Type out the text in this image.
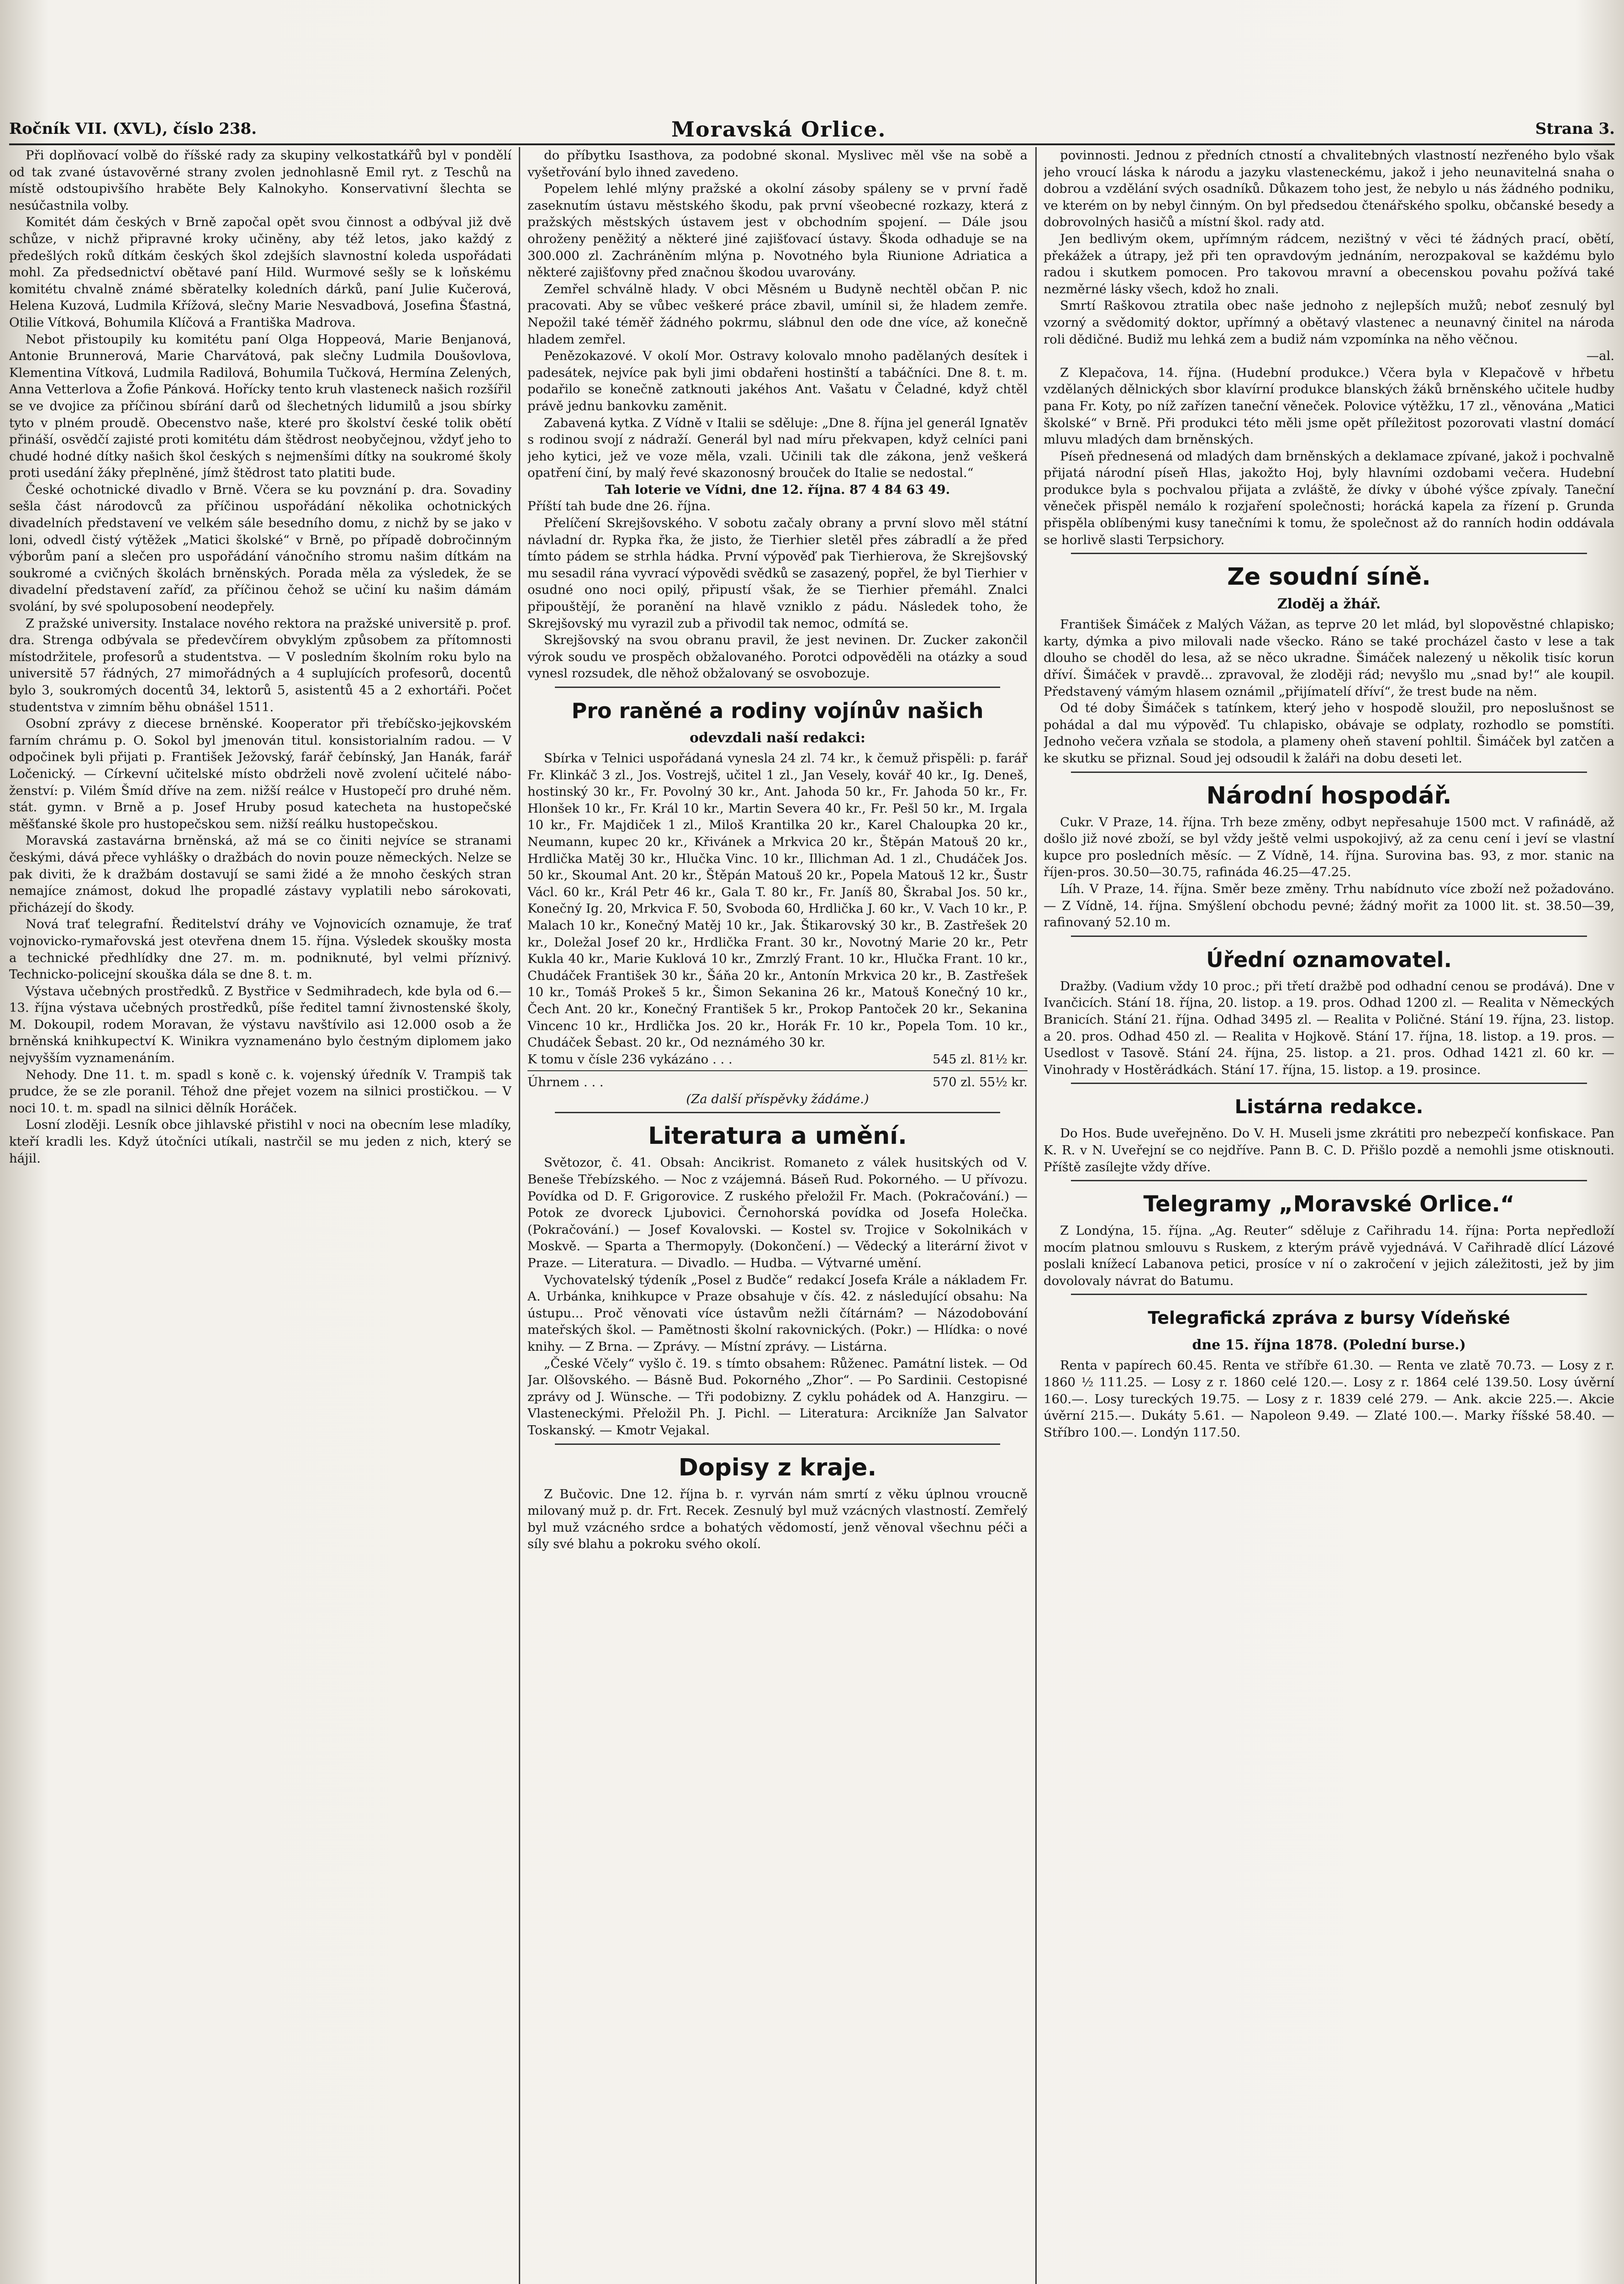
Ročník VII. (XVL), číslo 238.	Moravská Orlice.	Strana 3.

Při doplňovací volbě do říšské rady za skupiny velkostatkářů byl v pondělí od tak zvané ústavověrné strany zvolen jednohlasně Emil ryt. z Teschů na místě odstoupivšího hraběte Bely Kalnokyho. Konservativní šlechta se nesúčastnila volby.

Komitét dám českých v Brně započal opět svou činnost a odbýval již dvě schůze, v nichž připravné kroky učiněny, aby též letos, jako každý z předešlých roků dítkám českých škol zdejších slavnostní koleda uspořádati mohl. Za předsednictví obětavé paní Hild. Wurmové sešly se k loňskému komitétu chvalně známé sběratelky koledních dárků, paní Julie Kučerová, Helena Kuzová, Ludmila Křížová, slečny Marie Nesvadbová, Josefina Šťastná, Otilie Vítková, Bohumila Klíčová a Františka Madrova.

Nebot přistoupily ku komitétu paní Olga Hoppeová, Marie Benjanová, Antonie Brunnerová, Marie Charvátová, pak slečny Ludmila Doušovlova, Klementina Vítková, Ludmila Radilová, Bohumila Tučková, Hermína Zelených, Anna Vetterlova a Žofie Pánková. Hořícky tento kruh vlasteneck našich rozšířil se ve dvojice za příčinou sbírání darů od šlechetných lidumilů a jsou sbírky tyto v plném proudě. Obecenstvo naše, které pro školství české tolik obětí přináší, osvědčí zajisté proti komitétu dám štědrost neobyčejnou, vždyť jeho to chudé hodné dítky našich škol českých s nejmenšími dítky na soukromé školy proti usedání žáky přeplněné, jímž štědrost tato platiti bude.

České ochotnické divadlo v Brně. Včera se ku povznání p. dra. Sovadiny sešla část národovců za příčinou uspořádání několika ochotnických divadelních představení ve velkém sále besedního domu, z nichž by se jako v loni, odvedl čistý výtěžek „Matici školské“ v Brně, po případě dobročinným výborům paní a slečen pro uspořádání vánočního stromu našim dítkám na soukromé a cvičných školách brněnských. Porada měla za výsledek, že se divadelní představení zaříď, za příčinou čehož se učiní ku našim dámám svolání, by své spoluposobení neodepřely.

Z pražské university. Instalace nového rektora na pražské universitě p. prof. dra. Strenga odbývala se předevčírem obvyklým způsobem za přítomnosti místodržitele, profesorů a studentstva. — V posledním školním roku bylo na universitě 57 řádných, 27 mimořádných a 4 suplujících profesorů, docentů bylo 3, soukromých docentů 34, lektorů 5, asistentů 45 a 2 exhortáři. Počet studentstva v zimním běhu obnášel 1511.

Osobní zprávy z diecese brněnské. Kooperator při třebíčsko-jejkovském farním chrámu p. O. Sokol byl jmenován titul. konsistorialním radou. — V odpočinek byli přijati p. František Ježovský, farář čebínský, Jan Hanák, farář Ločenický. — Církevní učitelské místo obdrželi nově zvolení učitelé náboženství: p. Vilém Šmíd dříve na zem. nižší reálce v Hustopečí pro druhé něm. stát. gymn. v Brně a p. Josef Hruby posud katecheta na hustopečské měšťanské škole pro hustopečskou sem. nižší reálku hustopečskou.

Moravská zastavárna brněnská, až má se co činiti nejvíce se stranami českými, dává přece vyhlášky o dražbách do novin pouze německých. Nelze se pak diviti, že k dražbám dostavují se sami židé a že mnoho českých stran nemajíce známost, dokud lhe propadlé zástavy vyplatili nebo sárokovati, přicházejí do škody.

Nová trať telegrafní. Ředitelství dráhy ve Vojnovicích oznamuje, že trať vojnovicko-rymařovská jest otevřena dnem 15. října. Výsledek skoušky mosta a technické předhlídky dne 27. m. m. podniknuté, byl velmi příznivý. Technicko-policejní skouška dála se dne 8. t. m.

Výstava učebných prostředků. Z Bystřice v Sedmihradech, kde byla od 6.—13. října výstava učebných prostředků, píše ředitel tamní živnostenské školy, M. Dokoupil, rodem Moravan, že výstavu navštívilo asi 12.000 osob a že brněnská knihkupectví K. Winikra vyznamenáno bylo čestným diplomem jako nejvyšším vyznamenáním.

Nehody. Dne 11. t. m. spadl s koně c. k. vojenský úředník V. Trampiš tak prudce, že se zle poranil. Téhož dne přejet vozem na silnici prostičkou. — V noci 10. t. m. spadl na silnici dělník Horáček.

Losní zloději. Lesník obce jihlavské přistihl v noci na obecním lese mladíky, kteří kradli les. Když útočníci utíkali, nastrčil se mu jeden z nich, který se hájil.

do příbytku Isasthova, za podobné skonal. Myslivec měl vše na sobě a vyšetřování bylo ihned zavedeno.

Popelem lehlé mlýny pražské a okolní zásoby spáleny se v první řadě zaseknutím ústavu městského škodu, pak první všeobecné rozkazy, která z pražských městských ústavem jest v obchodním spojení. — Dále jsou ohroženy peněžitý a některé jiné zajišťovací ústavy. Škoda odhaduje se na 300.000 zl. Zachráněním mlýna p. Novotného byla Riunione Adriatica a některé zajišťovny před značnou škodou uvarovány.

Zemřel schválně hlady. V obci Měsném u Budyně nechtěl občan P. nic pracovati. Aby se vůbec veškeré práce zbavil, umínil si, že hladem zemře. Nepožil také téměř žádného pokrmu, slábnul den ode dne více, až konečně hladem zemřel.

Penězokazové. V okolí Mor. Ostravy kolovalo mnoho padělaných desítek i padesátek, nejvíce pak byli jimi obdařeni hostinští a tabáčníci. Dne 8. t. m. podařilo se konečně zatknouti jakéhos Ant. Vašatu v Čeladné, když chtěl právě jednu bankovku zaměnit.

Zabavená kytka. Z Vídně v Italii se sděluje: „Dne 8. října jel generál Ignatěv s rodinou svojí z nádraží. Generál byl nad míru překvapen, když celníci pani jeho kytici, jež ve voze měla, vzali. Učinili tak dle zákona, jenž veškerá opatření činí, by malý řevé skazonosný brouček do Italie se nedostal.“

Tah loterie ve Vídni, dne 12. října. 87 4 84 63 49.

Příští tah bude dne 26. října.

Přelíčení Skrejšovského. V sobotu začaly obrany a první slovo měl státní návladní dr. Rypka řka, že jisto, že Tierhier sletěl přes zábradlí a že před tímto pádem se strhla hádka. První výpověď pak Tierhierova, že Skrejšovský mu sesadil rána vyvrací výpovědi svědků se zasazený, popřel, že byl Tierhier v osudné ono noci opilý, připustí však, že se Tierhier přemáhl. Znalci připouštějí, že poranění na hlavě vzniklo z pádu. Následek toho, že Skrejšovský mu vyrazil zub a přivodil tak nemoc, odmítá se.

Skrejšovský na svou obranu pravil, že jest nevinen. Dr. Zucker zakončil výrok soudu ve prospěch obžalovaného. Porotci odpověděli na otázky a soud vynesl rozsudek, dle něhož obžalovaný se osvobozuje.

Pro raněné a rodiny vojínův našich
odevzdali naší redakci:

Sbírka v Telnici uspořádaná vynesla 24 zl. 74 kr., k čemuž přispěli: p. farář Fr. Klinkáč 3 zl., Jos. Vostrejš, učitel 1 zl., Jan Vesely, kovář 40 kr., Ig. Deneš, hostinský 30 kr., Fr. Povolný 30 kr., Ant. Jahoda 50 kr., Fr. Jahoda 50 kr., Fr. Hlonšek 10 kr., Fr. Král 10 kr., Martin Severa 40 kr., Fr. Pešl 50 kr., M. Irgala 10 kr., Fr. Majdiček 1 zl., Miloš Krantilka 20 kr., Karel Chaloupka 20 kr., Neumann, kupec 20 kr., Křivánek a Mrkvica 20 kr., Štěpán Matouš 20 kr., Hrdlička Matěj 30 kr., Hlučka Vinc. 10 kr., Illichman Ad. 1 zl., Chudáček Jos. 50 kr., Skoumal Ant. 20 kr., Štěpán Matouš 20 kr., Popela Matouš 12 kr., Šustr Václ. 60 kr., Král Petr 46 kr., Gala T. 80 kr., Fr. Janíš 80, Škrabal Jos. 50 kr., Konečný Ig. 20, Mrkvica F. 50, Svoboda 60, Hrdlička J. 60 kr., V. Vach 10 kr., P. Malach 10 kr., Konečný Matěj 10 kr., Jak. Štikarovský 30 kr., B. Zastřešek 20 kr., Doležal Josef 20 kr., Hrdlička Frant. 30 kr., Novotný Marie 20 kr., Petr Kukla 40 kr., Marie Kuklová 10 kr., Zmrzlý Frant. 10 kr., Hlučka Frant. 10 kr., Chudáček František 30 kr., Šáňa 20 kr., Antonín Mrkvica 20 kr., B. Zastřešek 10 kr., Tomáš Prokeš 5 kr., Šimon Sekanina 26 kr., Matouš Konečný 10 kr., Čech Ant. 20 kr., Konečný František 5 kr., Prokop Pantoček 20 kr., Sekanina Vincenc 10 kr., Hrdlička Jos. 20 kr., Horák Fr. 10 kr., Popela Tom. 10 kr., Chudáček Šebast. 20 kr., Od neznámého 30 kr.

K tomu v čísle 236 vykázáno . . .	545 zl. 81½ kr.
Úhrnem . . .	570 zl. 55½ kr.
(Za další příspěvky žádáme.)
Literatura a umění.

Světozor, č. 41. Obsah: Ancikrist. Romaneto z válek husitských od V. Beneše Třebízského. — Noc z vzájemná. Báseň Rud. Pokorného. — U přívozu. Povídka od D. F. Grigorovice. Z ruského přeložil Fr. Mach. (Pokračování.) — Potok ze dvoreck Ljubovici. Černohorská povídka od Josefa Holečka. (Pokračování.) — Josef Kovalovski. — Kostel sv. Trojice v Sokolnikách v Moskvě. — Sparta a Thermopyly. (Dokončení.) — Vědecký a literární život v Praze. — Literatura. — Divadlo. — Hudba. — Výtvarné umění.

Vychovatelský týdeník „Posel z Budče“ redakcí Josefa Krále a nákladem Fr. A. Urbánka, knihkupce v Praze obsahuje v čís. 42. z následující obsahu: Na ústupu... Proč věnovati více ústavům nežli čítárnám? — Názodobování mateřských škol. — Pamětnosti školní rakovnických. (Pokr.) — Hlídka: o nové knihy. — Z Brna. — Zprávy. — Místní zprávy. — Listárna.

„České Včely“ vyšlo č. 19. s tímto obsahem: Růženec. Památní listek. — Od Jar. Olšovského. — Básně Bud. Pokorného „Zhor“. — Po Sardinii. Cestopisné zprávy od J. Wünsche. — Tři podobizny. Z cyklu pohádek od A. Hanzgiru. — Vlasteneckými. Přeložil Ph. J. Pichl. — Literatura: Arcikníže Jan Salvator Toskanský. — Kmotr Vejakal.

Dopisy z kraje.

Z Bučovic. Dne 12. října b. r. vyrván nám smrtí z věku úplnou vroucně milovaný muž p. dr. Frt. Recek. Zesnulý byl muž vzácných vlastností. Zemřelý byl muž vzácného srdce a bohatých vědomostí, jenž věnoval všechnu péči a síly své blahu a pokroku svého okolí.

povinnosti. Jednou z předních ctností a chvalitebných vlastností nezřeného bylo však jeho vroucí láska k národu a jazyku vlasteneckému, jakož i jeho neunavitelná snaha o dobrou a vzdělání svých osadníků. Důkazem toho jest, že nebylo u nás žádného podniku, ve kterém on by nebyl činným. On byl předsedou čtenářského spolku, občanské besedy a dobrovolných hasičů a místní škol. rady atd.

Jen bedlivým okem, upřímným rádcem, nezištný v věci té žádných prací, obětí, překážek a útrapy, jež při ten opravdovým jednáním, nerozpakoval se každému bylo radou i skutkem pomocen. Pro takovou mravní a obecenskou povahu požívá také nezměrné lásky všech, kdož ho znali.

Smrtí Raškovou ztratila obec naše jednoho z nejlepších mužů; neboť zesnulý byl vzorný a svědomitý doktor, upřímný a obětavý vlastenec a neunavný činitel na národa roli dědičné. Budiž mu lehká zem a budiž nám vzpomínka na něho věčnou.

—al.

Z Klepačova, 14. října. (Hudební produkce.) Včera byla v Klepačově v hřbetu vzdělaných dělnických sbor klavírní produkce blanských žáků brněnského učitele hudby pana Fr. Koty, po níž zařízen taneční věneček. Polovice výtěžku, 17 zl., věnována „Matici školské“ v Brně. Při produkci této měli jsme opět příležitost pozorovati vlastní domácí mluvu mladých dam brněnských.

Píseň přednesená od mladých dam brněnských a deklamace zpívané, jakož i pochvalně přijatá národní píseň Hlas, jakožto Hoj, byly hlavními ozdobami večera. Hudební produkce byla s pochvalou přijata a zvláště, že dívky v úbohé výšce zpívaly. Taneční věneček přispěl nemálo k rozjaření společnosti; horácká kapela za řízení p. Grunda přispěla oblíbenými kusy tanečními k tomu, že společnost až do ranních hodin oddávala se horlivě slasti Terpsichory.

Ze soudní síně.
Zloděj a žhář.

František Šimáček z Malých Vážan, as teprve 20 let mlád, byl slopověstné chlapisko; karty, dýmka a pivo milovali nade všecko. Ráno se také procházel často v lese a tak dlouho se choděl do lesa, až se něco ukradne. Šimáček nalezený u několik tisíc korun dříví. Šimáček v pravdě... zpravoval, že zloději rád; nevyšlo mu „snad by!“ ale koupil. Představený vámým hlasem oznámil „přijímatelí dříví“, že trest bude na něm.

Od té doby Šimáček s tatínkem, který jeho v hospodě sloužil, pro neposlušnost se pohádal a dal mu výpověď. Tu chlapisko, obávaje se odplaty, rozhodlo se pomstíti. Jednoho večera vzňala se stodola, a plameny oheň stavení pohltil. Šimáček byl zatčen a ke skutku se přiznal. Soud jej odsoudil k žaláři na dobu deseti let.

Národní hospodář.

Cukr. V Praze, 14. října. Trh beze změny, odbyt nepřesahuje 1500 mct. V rafinádě, až došlo již nové zboží, se byl vždy ještě velmi uspokojivý, až za cenu cení i jeví se vlastní kupce pro posledních měsíc. — Z Vídně, 14. října. Surovina bas. 93, z mor. stanic na říjen-pros. 30.50—30.75, rafináda 46.25—47.25.

Líh. V Praze, 14. října. Směr beze změny. Trhu nabídnuto více zboží než požadováno. — Z Vídně, 14. října. Smýšlení obchodu pevné; žádný mořit za 1000 lit. st. 38.50—39, rafinovaný 52.10 m.

Úřední oznamovatel.

Dražby. (Vadium vždy 10 proc.; při třetí dražbě pod odhadní cenou se prodává). Dne v Ivančicích. Stání 18. října, 20. listop. a 19. pros. Odhad 1200 zl. — Realita v Německých Branicích. Stání 21. října. Odhad 3495 zl. — Realita v Poličné. Stání 19. října, 23. listop. a 20. pros. Odhad 450 zl. — Realita v Hojkově. Stání 17. října, 18. listop. a 19. pros. — Usedlost v Tasově. Stání 24. října, 25. listop. a 21. pros. Odhad 1421 zl. 60 kr. — Vinohrady v Hostěrádkách. Stání 17. října, 15. listop. a 19. prosince.

Listárna redakce.

Do Hos. Bude uveřejněno. Do V. H. Museli jsme zkrátiti pro nebezpečí konfiskace. Pan K. R. v N. Uveřejní se co nejdříve. Pann B. C. D. Přišlo pozdě a nemohli jsme otisknouti. Příště zasílejte vždy dříve.

Telegramy „Moravské Orlice.“

Z Londýna, 15. října. „Ag. Reuter“ sděluje z Cařihradu 14. října: Porta nepředloží mocím platnou smlouvu s Ruskem, z kterým právě vyjednává. V Cařihradě dlící Lázové poslali knížecí Labanova petici, prosíce v ní o zakročení v jejich záležitosti, jež by jim dovolovaly návrat do Batumu.

Telegrafická zpráva z bursy Vídeňské
dne 15. října 1878. (Polední burse.)

Renta v papírech 60.45. Renta ve stříbře 61.30. — Renta ve zlatě 70.73. — Losy z r. 1860 ½ 111.25. — Losy z r. 1860 celé 120.—. Losy z r. 1864 celé 139.50. Losy úvěrní 160.—. Losy tureckých 19.75. — Losy z r. 1839 celé 279. — Ank. akcie 225.—. Akcie úvěrní 215.—. Dukáty 5.61. — Napoleon 9.49. — Zlaté 100.—. Marky říšské 58.40. — Stříbro 100.—. Londýn 117.50.
